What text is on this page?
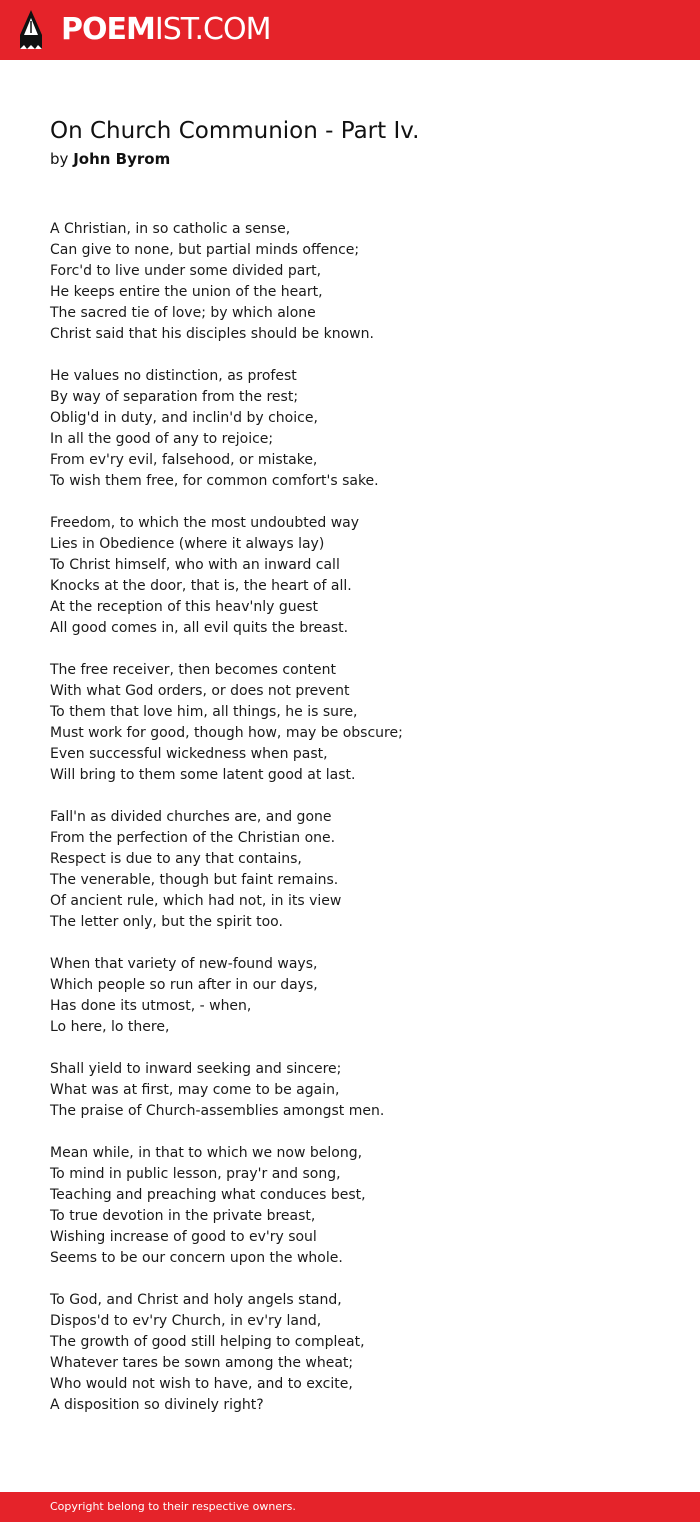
POEMIST.COM
On Church Communion - Part Iv.
by John Byrom
A Christian, in so catholic a sense,
Can give to none, but partial minds offence;
Forc'd to live under some divided part,
He keeps entire the union of the heart,
The sacred tie of love; by which alone
Christ said that his disciples should be known.
He values no distinction, as profest
By way of separation from the rest;
Oblig'd in duty, and inclin'd by choice,
In all the good of any to rejoice;
From ev'ry evil, falsehood, or mistake,
To wish them free, for common comfort's sake.
Freedom, to which the most undoubted way
Lies in Obedience (where it always lay)
To Christ himself, who with an inward call
Knocks at the door, that is, the heart of all.
At the reception of this heav'nly guest
All good comes in, all evil quits the breast.
The free receiver, then becomes content
With what God orders, or does not prevent
To them that love him, all things, he is sure,
Must work for good, though how, may be obscure;
Even successful wickedness when past,
Will bring to them some latent good at last.
Fall'n as divided churches are, and gone
From the perfection of the Christian one.
Respect is due to any that contains,
The venerable, though but faint remains.
Of ancient rule, which had not, in its view
The letter only, but the spirit too.
When that variety of new-found ways,
Which people so run after in our days,
Has done its utmost, - when,
Lo here, lo there,
Shall yield to inward seeking and sincere;
What was at first, may come to be again,
The praise of Church-assemblies amongst men.
Mean while, in that to which we now belong,
To mind in public lesson, pray'r and song,
Teaching and preaching what conduces best,
To true devotion in the private breast,
Wishing increase of good to ev'ry soul
Seems to be our concern upon the whole.
To God, and Christ and holy angels stand,
Dispos'd to ev'ry Church, in ev'ry land,
The growth of good still helping to compleat,
Whatever tares be sown among the wheat;
Who would not wish to have, and to excite,
A disposition so divinely right?
Copyright belong to their respective owners.
